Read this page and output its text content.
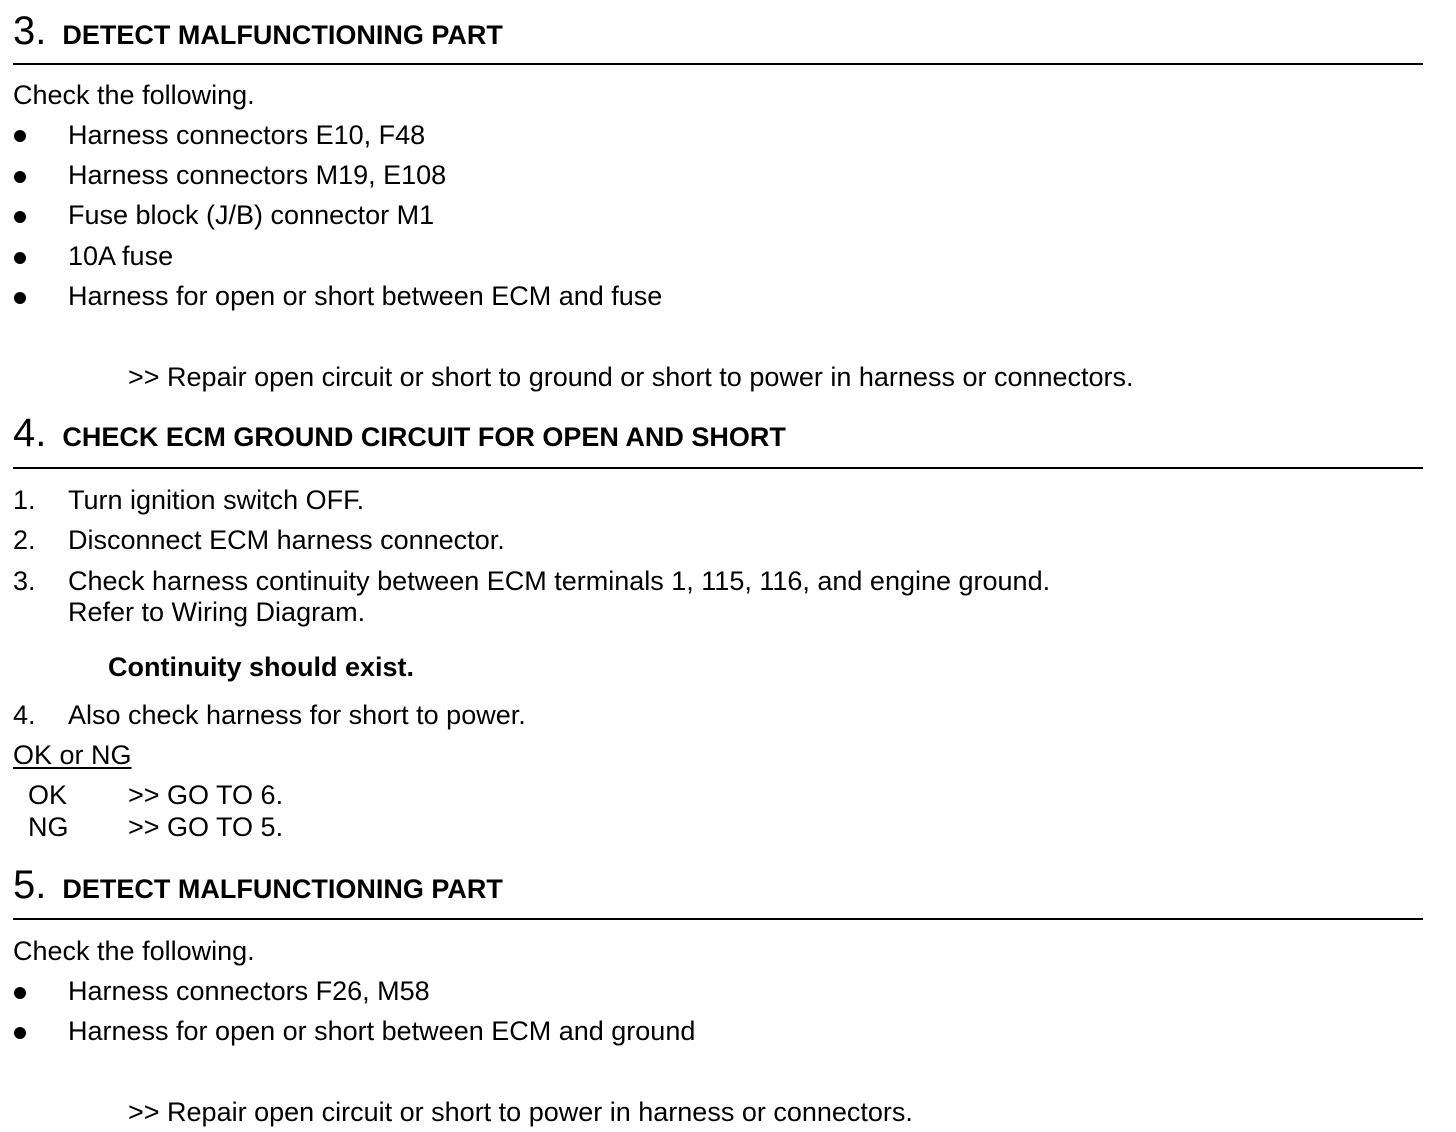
3. DETECT MALFUNCTIONING PART
Check the following.
Harness connectors E10, F48
Harness connectors M19, E108
Fuse block (J/B) connector M1
10A fuse
Harness for open or short between ECM and fuse
>> Repair open circuit or short to ground or short to power in harness or connectors.
4. CHECK ECM GROUND CIRCUIT FOR OPEN AND SHORT
1. Turn ignition switch OFF.
2. Disconnect ECM harness connector.
3. Check harness continuity between ECM terminals 1, 115, 116, and engine ground.
Refer to Wiring Diagram.
Continuity should exist.
4. Also check harness for short to power.
OK or NG
OK >> GO TO 6.
NG >> GO TO 5.
5. DETECT MALFUNCTIONING PART
Check the following.
Harness connectors F26, M58
Harness for open or short between ECM and ground
>> Repair open circuit or short to power in harness or connectors.
